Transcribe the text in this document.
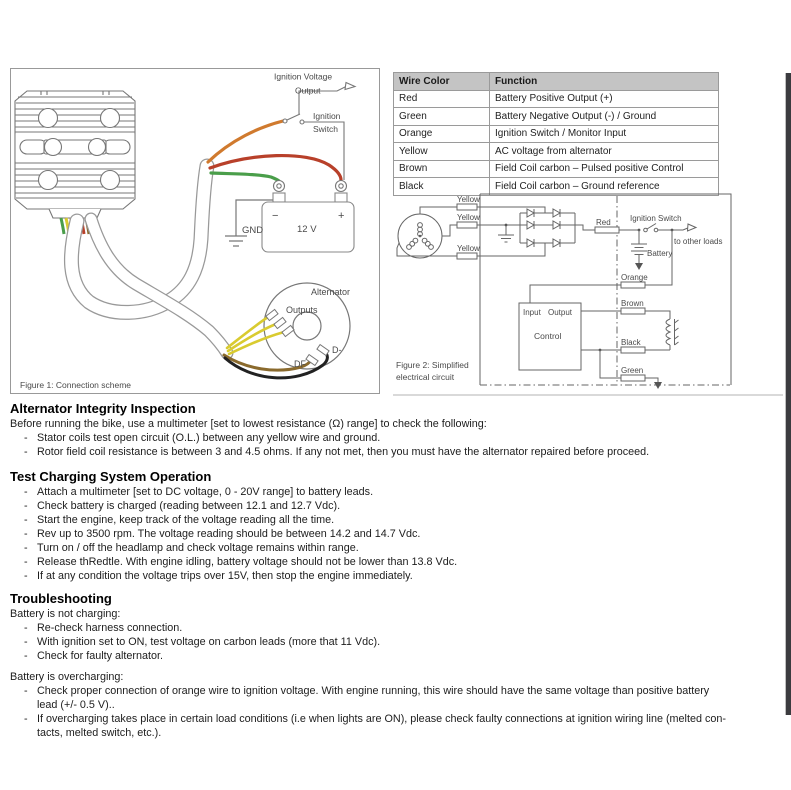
Ignition Voltage
Output
Ignition
Switch
GND
−	+
12 V
Alternator
Outputs
D-
DF
Figure 1: Connection scheme
Wire Color	Function
Red	Battery Positive Output (+)
Green	Battery Negative Output (-) / Ground
Orange	Ignition Switch / Monitor Input
Yellow	AC voltage from alternator
Brown	Field Coil carbon – Pulsed positive Control
Black	Field Coil carbon – Ground reference
Yellow
Yellow
Yellow
Red Ignition Switch
to other loads
Battery
Orange
Input Output
Control
Brown
Black
Green
Figure 2: Simplified
electrical circuit
Alternator Integrity Inspection
Before running the bike, use a multimeter [set to lowest resistance (Ω) range] to check the following:
- Stator coils test open circuit (O.L.) between any yellow wire and ground.
- Rotor field coil resistance is between 3 and 4.5 ohms. If any not met, then you must have the alternator repaired before proceed.
Test Charging System Operation
- Attach a multimeter [set to DC voltage, 0 - 20V range] to battery leads.
- Check battery is charged (reading between 12.1 and 12.7 Vdc).
- Start the engine, keep track of the voltage reading all the time.
- Rev up to 3500 rpm. The voltage reading should be between 14.2 and 14.7 Vdc.
- Turn on / off the headlamp and check voltage remains within range.
- Release thRedtle. With engine idling, battery voltage should not be lower than 13.8 Vdc.
- If at any condition the voltage trips over 15V, then stop the engine immediately.
Troubleshooting
Battery is not charging:
- Re-check harness connection.
- With ignition set to ON, test voltage on carbon leads (more that 11 Vdc).
- Check for faulty alternator.
Battery is overcharging:
- Check proper connection of orange wire to ignition voltage. With engine running, this wire should have the same voltage than positive battery
lead (+/- 0.5 V)..
- If overcharging takes place in certain load conditions (i.e when lights are ON), please check faulty connections at ignition wiring line (melted con-
tacts, melted switch, etc.).
